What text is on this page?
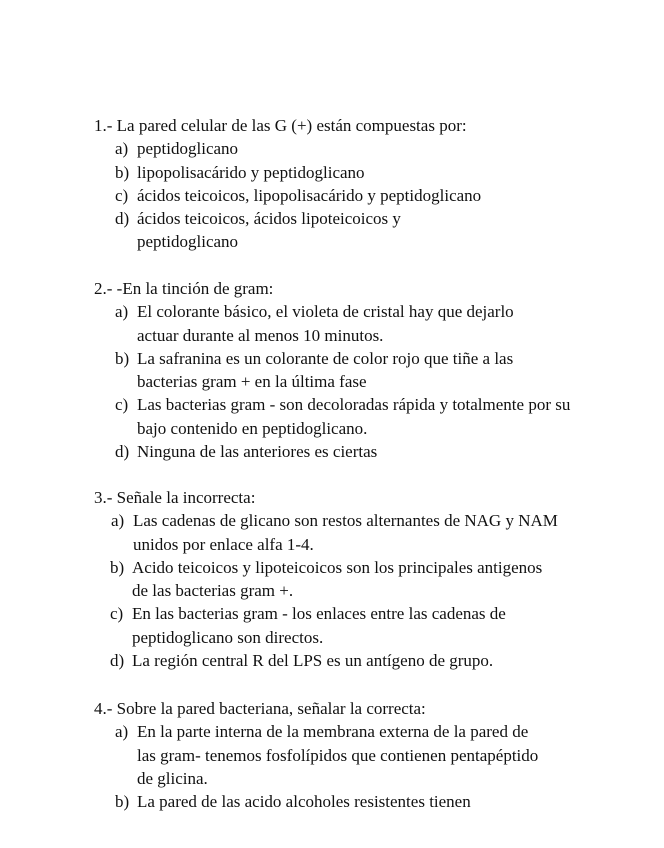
1.- La pared celular de las G (+) están compuestas por:
a) peptidoglicano
b) lipopolisacárido y peptidoglicano
c) ácidos teicoicos, lipopolisacárido y peptidoglicano
d) ácidos teicoicos, ácidos lipoteicoicos y peptidoglicano
2.- -En la tinción de gram:
a) El colorante básico, el violeta de cristal hay que dejarlo actuar durante al menos 10 minutos.
b) La safranina es un colorante de color rojo que tiñe a las bacterias gram + en la última fase
c) Las bacterias gram - son decoloradas rápida y totalmente por su bajo contenido en peptidoglicano.
d) Ninguna de las anteriores es ciertas
3.- Señale la incorrecta:
a) Las cadenas de glicano son restos alternantes de NAG y NAM unidos por enlace alfa 1-4.
b) Acido teicoicos y lipoteicoicos son los principales antigenos de las bacterias gram +.
c) En las bacterias gram - los enlaces entre las cadenas de peptidoglicano son directos.
d) La región central R del LPS es un antígeno de grupo.
4.- Sobre la pared bacteriana, señalar la correcta:
a) En la parte interna de la membrana externa de la pared de las gram- tenemos fosfolípidos que contienen pentapéptido de glicina.
b) La pared de las acido alcoholes resistentes tienen
